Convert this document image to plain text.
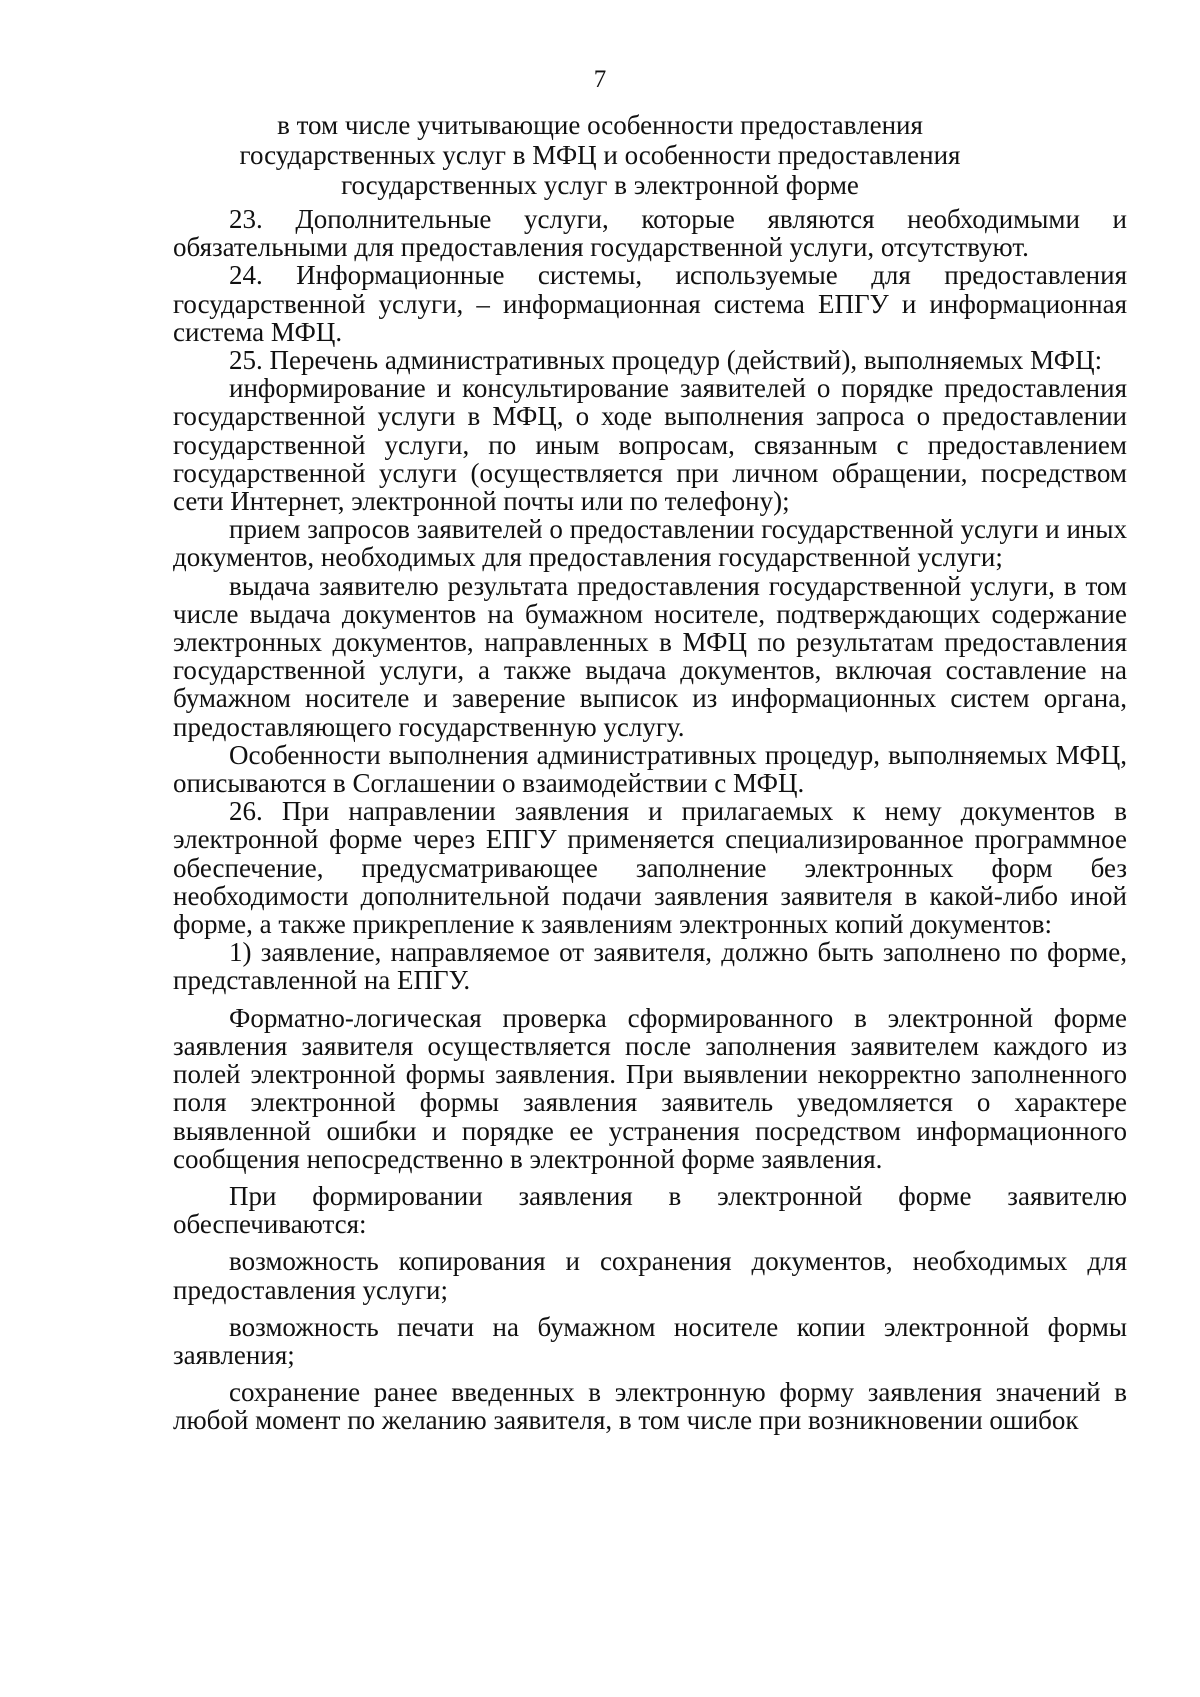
7
в том числе учитывающие особенности предоставления
государственных услуг в МФЦ и особенности предоставления
государственных услуг в электронной форме

23. Дополнительные услуги, которые являются необходимыми и обязательными для предоставления государственной услуги, отсутствуют.

24. Информационные системы, используемые для предоставления государственной услуги, – информационная система ЕПГУ и информационная система МФЦ.

25. Перечень административных процедур (действий), выполняемых МФЦ:

информирование и консультирование заявителей о порядке предоставления государственной услуги в МФЦ, о ходе выполнения запроса о предоставлении государственной услуги, по иным вопросам, связанным с предоставлением государственной услуги (осуществляется при личном обращении, посредством сети Интернет, электронной почты или по телефону);

прием запросов заявителей о предоставлении государственной услуги и иных документов, необходимых для предоставления государственной услуги;

выдача заявителю результата предоставления государственной услуги, в том числе выдача документов на бумажном носителе, подтверждающих содержание электронных документов, направленных в МФЦ по результатам предоставления государственной услуги, а также выдача документов, включая составление на бумажном носителе и заверение выписок из информационных систем органа, предоставляющего государственную услугу.

Особенности выполнения административных процедур, выполняемых МФЦ, описываются в Соглашении о взаимодействии с МФЦ.

26. При направлении заявления и прилагаемых к нему документов в электронной форме через ЕПГУ применяется специализированное программное обеспечение, предусматривающее заполнение электронных форм без необходимости дополнительной подачи заявления заявителя в какой-либо иной форме, а также прикрепление к заявлениям электронных копий документов:

1) заявление, направляемое от заявителя, должно быть заполнено по форме, представленной на ЕПГУ.

Форматно-логическая проверка сформированного в электронной форме заявления заявителя осуществляется после заполнения заявителем каждого из полей электронной формы заявления. При выявлении некорректно заполненного поля электронной формы заявления заявитель уведомляется о характере выявленной ошибки и порядке ее устранения посредством информационного сообщения непосредственно в электронной форме заявления.

При формировании заявления в электронной форме заявителю обеспечиваются:

возможность копирования и сохранения документов, необходимых для предоставления услуги;

возможность печати на бумажном носителе копии электронной формы заявления;

сохранение ранее введенных в электронную форму заявления значений в любой момент по желанию заявителя, в том числе при возникновении ошибок
